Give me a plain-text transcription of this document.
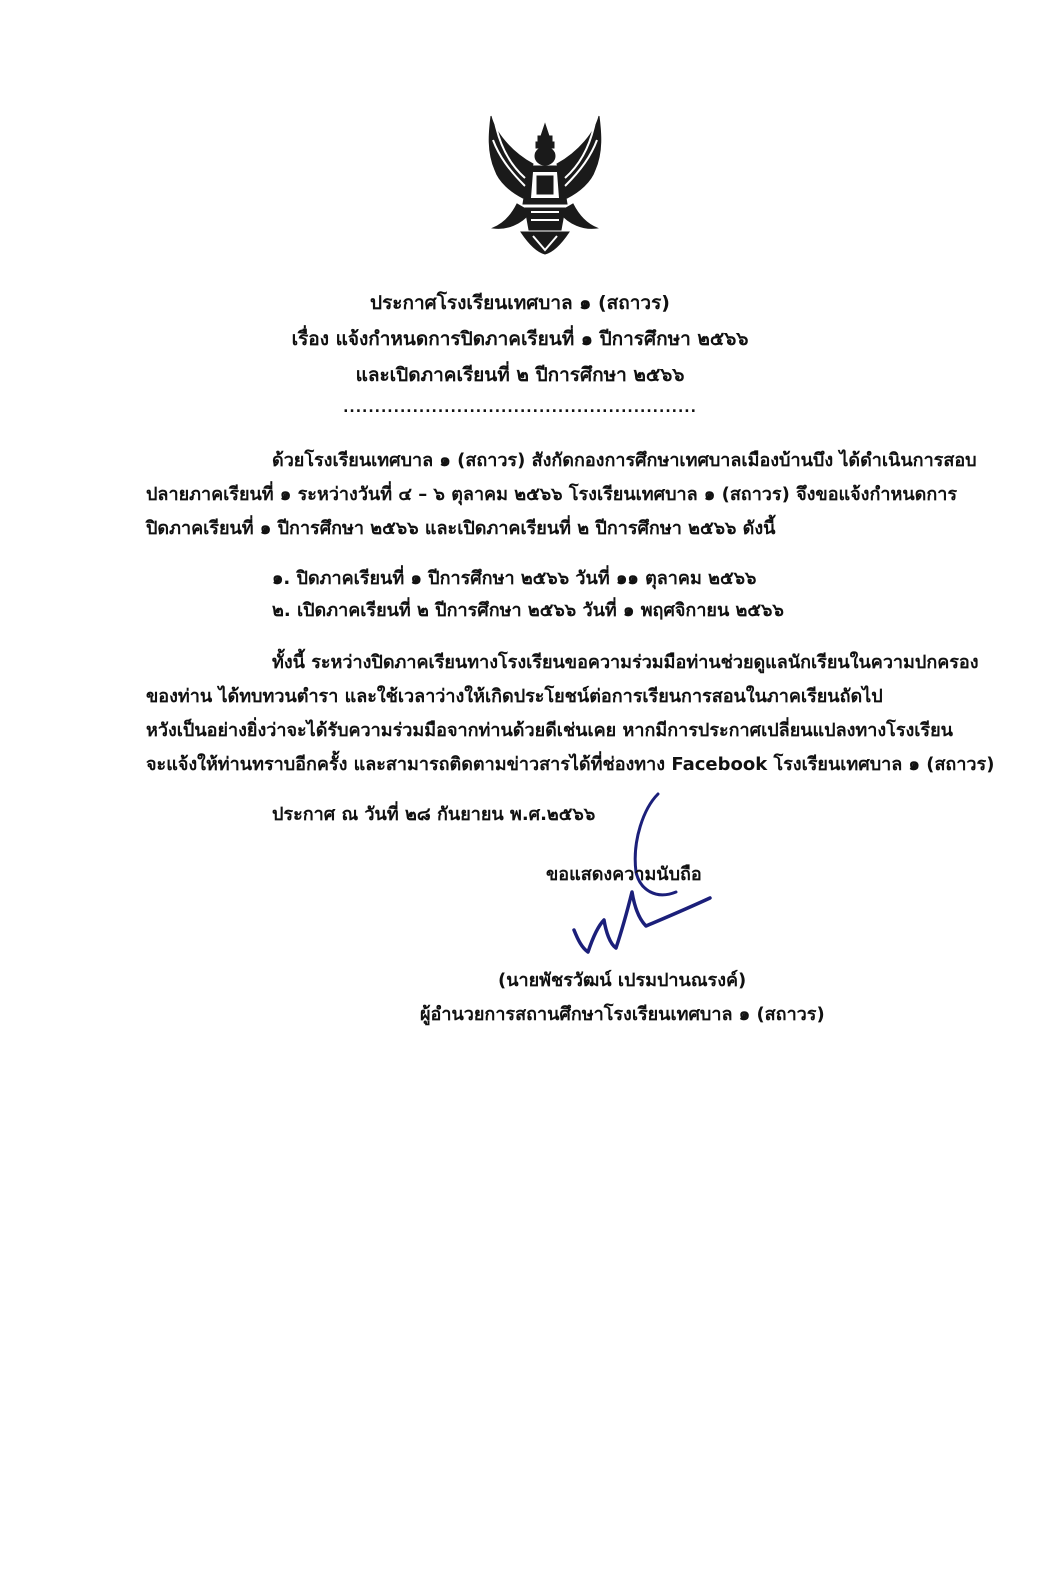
ประกาศโรงเรียนเทศบาล ๑ (สถาวร)
เรื่อง แจ้งกำหนดการปิดภาคเรียนที่ ๑ ปีการศึกษา ๒๕๖๖
และเปิดภาคเรียนที่ ๒ ปีการศึกษา ๒๕๖๖
........................................................
ด้วยโรงเรียนเทศบาล ๑ (สถาวร) สังกัดกองการศึกษาเทศบาลเมืองบ้านบึง ได้ดำเนินการสอบ
ปลายภาคเรียนที่ ๑ ระหว่างวันที่ ๔ – ๖ ตุลาคม ๒๕๖๖ โรงเรียนเทศบาล ๑ (สถาวร) จึงขอแจ้งกำหนดการ
ปิดภาคเรียนที่ ๑ ปีการศึกษา ๒๕๖๖ และเปิดภาคเรียนที่ ๒ ปีการศึกษา ๒๕๖๖ ดังนี้
๑. ปิดภาคเรียนที่ ๑ ปีการศึกษา ๒๕๖๖ วันที่ ๑๑ ตุลาคม ๒๕๖๖
๒. เปิดภาคเรียนที่ ๒ ปีการศึกษา ๒๕๖๖ วันที่ ๑ พฤศจิกายน ๒๕๖๖
ทั้งนี้ ระหว่างปิดภาคเรียนทางโรงเรียนขอความร่วมมือท่านช่วยดูแลนักเรียนในความปกครอง
ของท่าน ได้ทบทวนตำรา และใช้เวลาว่างให้เกิดประโยชน์ต่อการเรียนการสอนในภาคเรียนถัดไป
หวังเป็นอย่างยิ่งว่าจะได้รับความร่วมมือจากท่านด้วยดีเช่นเคย หากมีการประกาศเปลี่ยนแปลงทางโรงเรียน
จะแจ้งให้ท่านทราบอีกครั้ง และสามารถติดตามข่าวสารได้ที่ช่องทาง Facebook โรงเรียนเทศบาล ๑ (สถาวร)
ประกาศ ณ วันที่ ๒๘ กันยายน พ.ศ.๒๕๖๖
ขอแสดงความนับถือ
(นายพัชรวัฒน์ เปรมปานณรงค์)
ผู้อำนวยการสถานศึกษาโรงเรียนเทศบาล ๑ (สถาวร)
